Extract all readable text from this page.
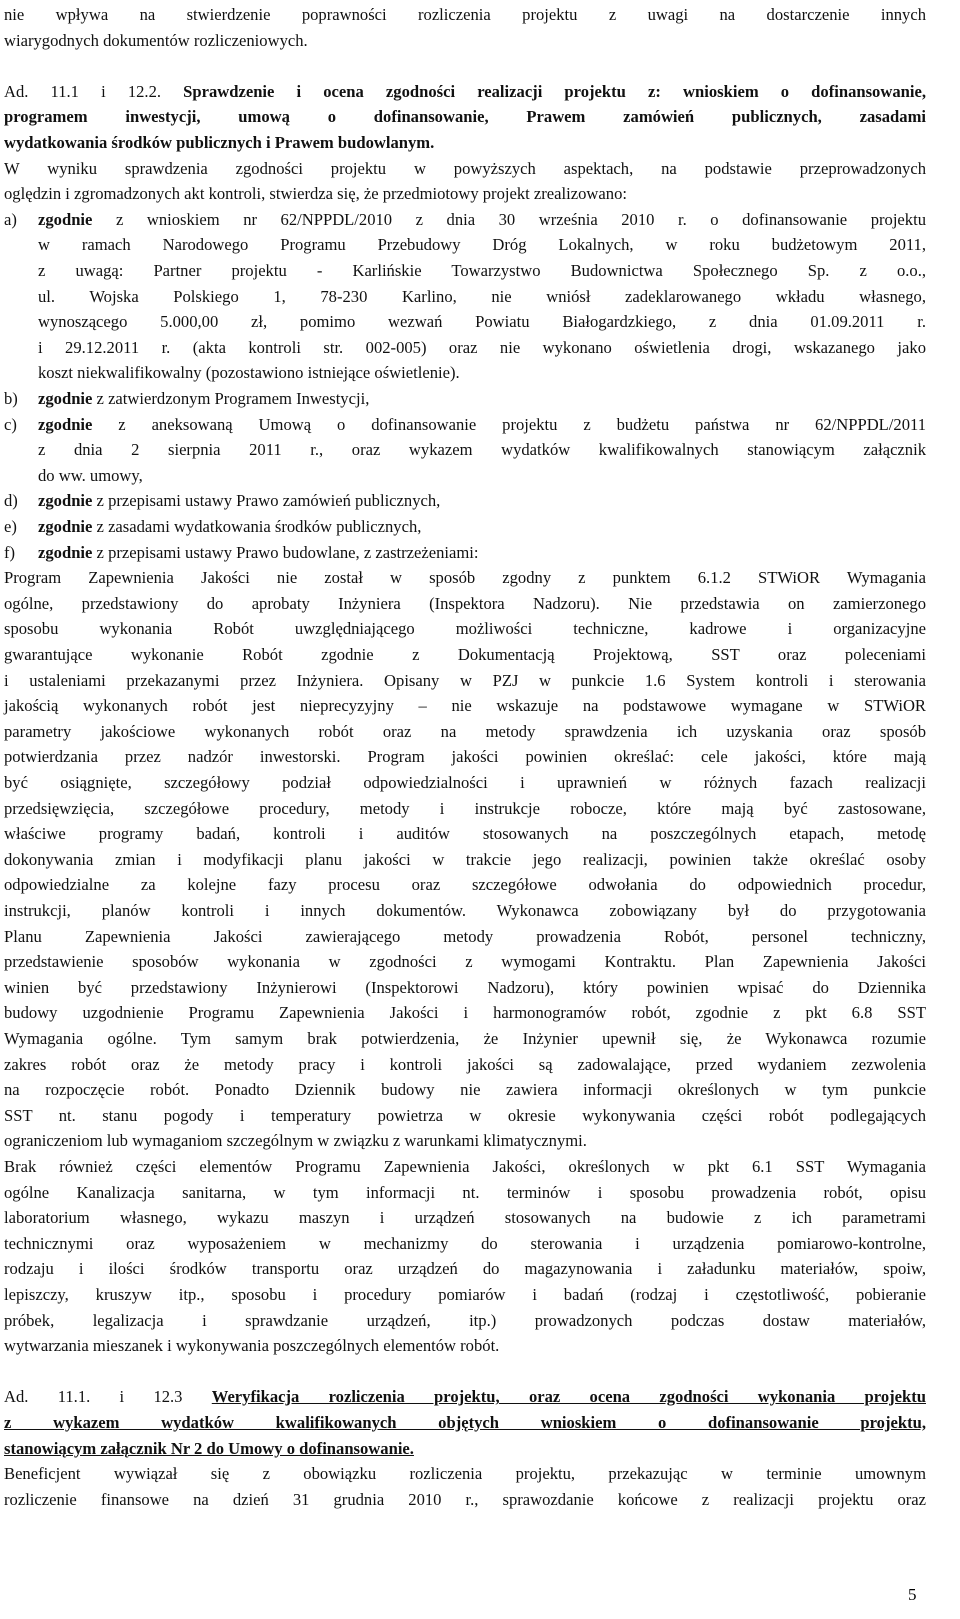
nie wpływa na stwierdzenie poprawności rozliczenia projektu z uwagi na dostarczenie innych
wiarygodnych dokumentów rozliczeniowych.
Ad. 11.1 i 12.2. Sprawdzenie i ocena zgodności realizacji projektu z: wnioskiem o dofinansowanie,
programem inwestycji, umową o dofinansowanie, Prawem zamówień publicznych, zasadami
wydatkowania środków publicznych i Prawem budowlanym.
W wyniku sprawdzenia zgodności projektu w powyższych aspektach, na podstawie przeprowadzonych
oględzin i zgromadzonych akt kontroli, stwierdza się, że przedmiotowy projekt zrealizowano:
a)	zgodnie z wnioskiem nr 62/NPPDL/2010 z dnia 30 września 2010 r. o dofinansowanie projektu
w ramach Narodowego Programu Przebudowy Dróg Lokalnych, w roku budżetowym 2011,
z uwagą: Partner projektu - Karlińskie Towarzystwo Budownictwa Społecznego Sp. z o.o.,
ul. Wojska Polskiego 1, 78-230 Karlino, nie wniósł zadeklarowanego wkładu własnego,
wynoszącego 5.000,00 zł, pomimo wezwań Powiatu Białogardzkiego, z dnia 01.09.2011 r.
i 29.12.2011 r. (akta kontroli str. 002-005) oraz nie wykonano oświetlenia drogi, wskazanego jako
koszt niekwalifikowalny (pozostawiono istniejące oświetlenie).
b)	zgodnie z zatwierdzonym Programem Inwestycji,
c)	zgodnie z aneksowaną Umową o dofinansowanie projektu z budżetu państwa nr 62/NPPDL/2011
z dnia 2 sierpnia 2011 r., oraz wykazem wydatków kwalifikowalnych stanowiącym załącznik
do ww. umowy,
d)	zgodnie z przepisami ustawy Prawo zamówień publicznych,
e)	zgodnie z zasadami wydatkowania środków publicznych,
f)	zgodnie z przepisami ustawy Prawo budowlane, z zastrzeżeniami:
Program Zapewnienia Jakości nie został w sposób zgodny z punktem 6.1.2 STWiOR Wymagania
ogólne, przedstawiony do aprobaty Inżyniera (Inspektora Nadzoru). Nie przedstawia on zamierzonego
sposobu wykonania Robót uwzględniającego możliwości techniczne, kadrowe i organizacyjne
gwarantujące wykonanie Robót zgodnie z Dokumentacją Projektową, SST oraz poleceniami
i ustaleniami przekazanymi przez Inżyniera. Opisany w PZJ w punkcie 1.6 System kontroli i sterowania
jakością wykonanych robót jest nieprecyzyjny – nie wskazuje na podstawowe wymagane w STWiOR
parametry jakościowe wykonanych robót oraz na metody sprawdzenia ich uzyskania oraz sposób
potwierdzania przez nadzór inwestorski. Program jakości powinien określać: cele jakości, które mają
być osiągnięte, szczegółowy podział odpowiedzialności i uprawnień w różnych fazach realizacji
przedsięwzięcia, szczegółowe procedury, metody i instrukcje robocze, które mają być zastosowane,
właściwe programy badań, kontroli i auditów stosowanych na poszczególnych etapach, metodę
dokonywania zmian i modyfikacji planu jakości w trakcie jego realizacji, powinien także określać osoby
odpowiedzialne za kolejne fazy procesu oraz szczegółowe odwołania do odpowiednich procedur,
instrukcji, planów kontroli i innych dokumentów. Wykonawca zobowiązany był do przygotowania
Planu Zapewnienia Jakości zawierającego metody prowadzenia Robót, personel techniczny,
przedstawienie sposobów wykonania w zgodności z wymogami Kontraktu. Plan Zapewnienia Jakości
winien być przedstawiony Inżynierowi (Inspektorowi Nadzoru), który powinien wpisać do Dziennika
budowy uzgodnienie Programu Zapewnienia Jakości i harmonogramów robót, zgodnie z pkt 6.8 SST
Wymagania ogólne. Tym samym brak potwierdzenia, że Inżynier upewnił się, że Wykonawca rozumie
zakres robót oraz że metody pracy i kontroli jakości są zadowalające, przed wydaniem zezwolenia
na rozpoczęcie robót. Ponadto Dziennik budowy nie zawiera informacji określonych w tym punkcie
SST nt. stanu pogody i temperatury powietrza w okresie wykonywania części robót podlegających
ograniczeniom lub wymaganiom szczególnym w związku z warunkami klimatycznymi.
Brak również części elementów Programu Zapewnienia Jakości, określonych w pkt 6.1 SST Wymagania
ogólne Kanalizacja sanitarna, w tym informacji nt. terminów i sposobu prowadzenia robót, opisu
laboratorium własnego, wykazu maszyn i urządzeń stosowanych na budowie z ich parametrami
technicznymi oraz wyposażeniem w mechanizmy do sterowania i urządzenia pomiarowo-kontrolne,
rodzaju i ilości środków transportu oraz urządzeń do magazynowania i załadunku materiałów, spoiw,
lepiszczy, kruszyw itp., sposobu i procedury pomiarów i badań (rodzaj i częstotliwość, pobieranie
próbek, legalizacja i sprawdzanie urządzeń, itp.) prowadzonych podczas dostaw materiałów,
wytwarzania mieszanek i wykonywania poszczególnych elementów robót.
Ad. 11.1. i 12.3 Weryfikacja rozliczenia projektu, oraz ocena zgodności wykonania projektu
z wykazem wydatków kwalifikowanych objętych wnioskiem o dofinansowanie projektu,
stanowiącym załącznik Nr 2 do Umowy o dofinansowanie.
Beneficjent wywiązał się z obowiązku rozliczenia projektu, przekazując w terminie umownym
rozliczenie finansowe na dzień 31 grudnia 2010 r., sprawozdanie końcowe z realizacji projektu oraz
5
